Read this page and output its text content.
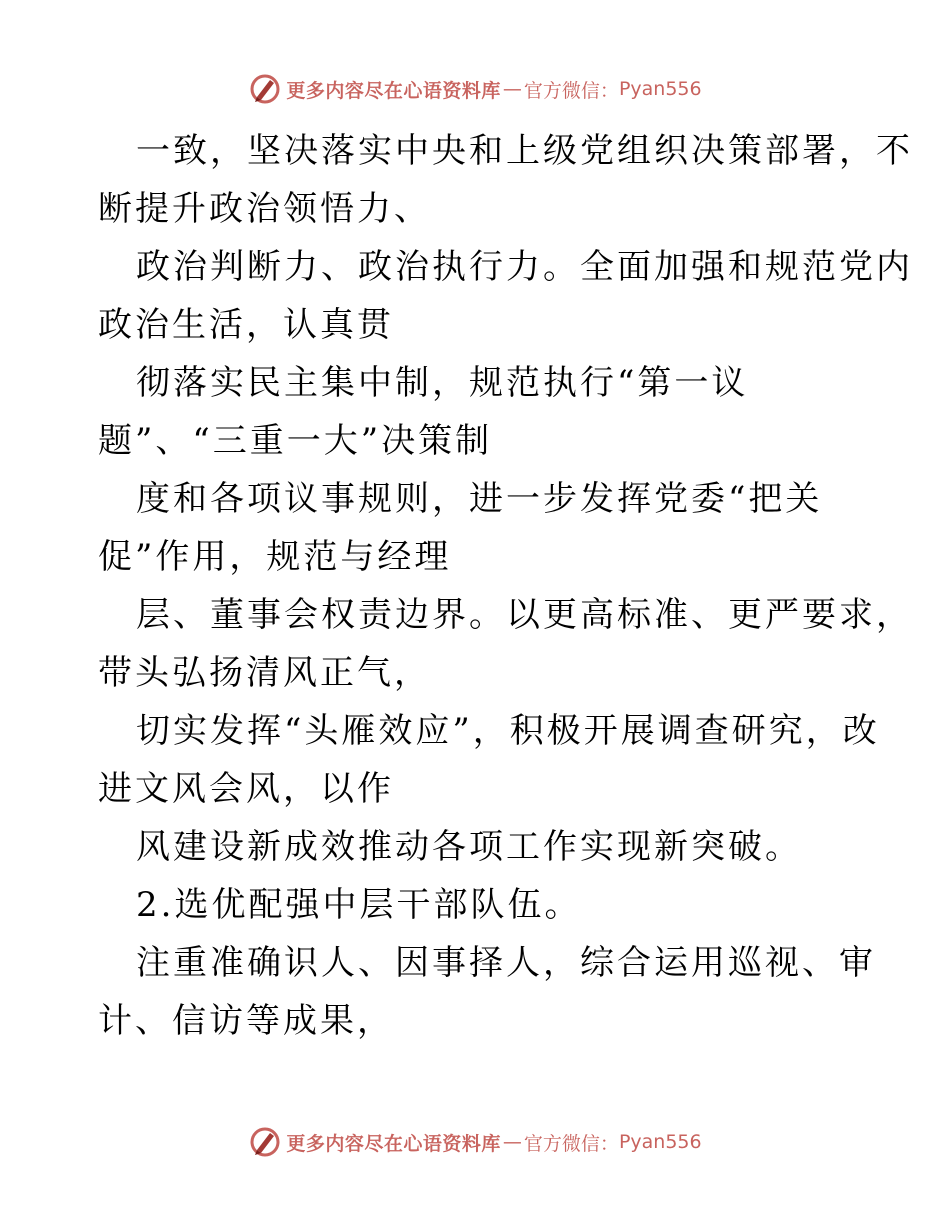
更多内容尽在心语资料库 — 官方微信： Pyan556
一致，坚决落实中央和上级党组织决策部署，不
断提升政治领悟力、
政治判断力、政治执行力。全面加强和规范党内
政治生活，认真贯
彻落实民主集中制，规范执行“第一议
题”、“三重一大”决策制
度和各项议事规则，进一步发挥党委“把关
促”作用，规范与经理
层、董事会权责边界。以更高标准、更严要求，
带头弘扬清风正气，
切实发挥“头雁效应”，积极开展调查研究，改
进文风会风，以作
风建设新成效推动各项工作实现新突破。
2.选优配强中层干部队伍。
注重准确识人、因事择人，综合运用巡视、审
计、信访等成果，
更多内容尽在心语资料库 — 官方微信： Pyan556
